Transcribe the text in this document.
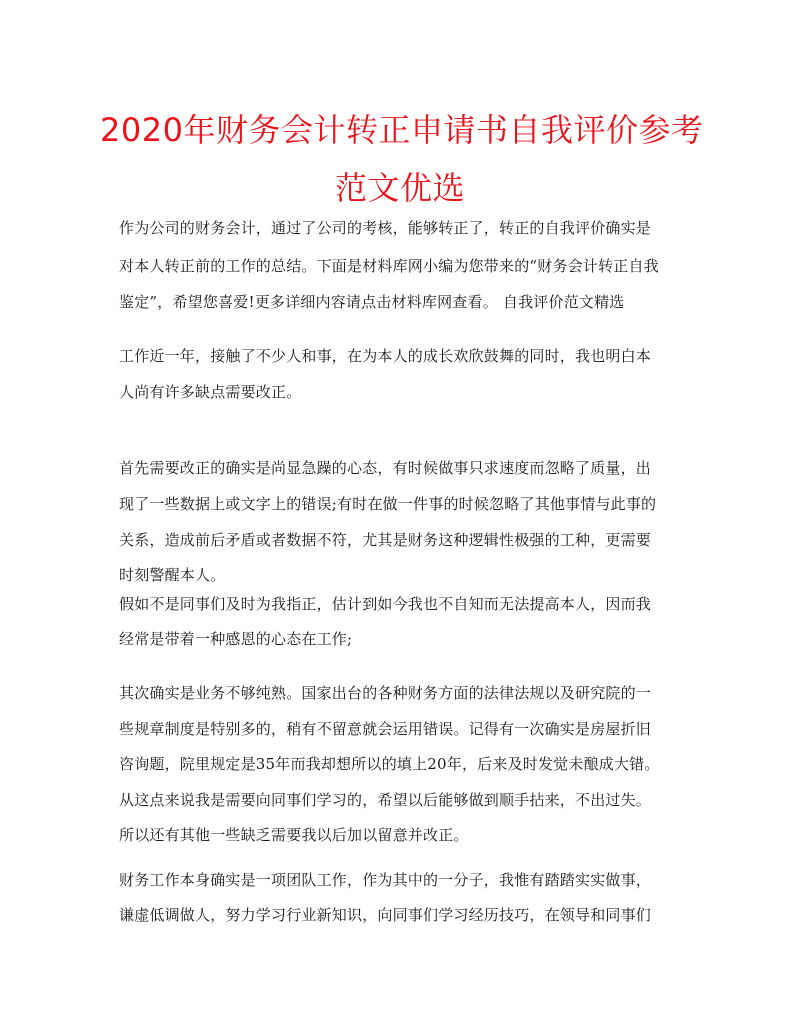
2020年财务会计转正申请书自我评价参考
范文优选
作为公司的财务会计，通过了公司的考核，能够转正了，转正的自我评价确实是
对本人转正前的工作的总结。下面是材料库网小编为您带来的“财务会计转正自我
鉴定”，希望您喜爱!更多详细内容请点击材料库网查看。 自我评价范文精选
工作近一年，接触了不少人和事，在为本人的成长欢欣鼓舞的同时，我也明白本
人尚有许多缺点需要改正。
首先需要改正的确实是尚显急躁的心态，有时候做事只求速度而忽略了质量，出
现了一些数据上或文字上的错误;有时在做一件事的时候忽略了其他事情与此事的
关系，造成前后矛盾或者数据不符，尤其是财务这种逻辑性极强的工种，更需要
时刻警醒本人。
假如不是同事们及时为我指正，估计到如今我也不自知而无法提高本人，因而我
经常是带着一种感恩的心态在工作;
其次确实是业务不够纯熟。国家出台的各种财务方面的法律法规以及研究院的一
些规章制度是特别多的，稍有不留意就会运用错误。记得有一次确实是房屋折旧
咨询题，院里规定是35年而我却想所以的填上20年，后来及时发觉未酿成大错。
从这点来说我是需要向同事们学习的，希望以后能够做到顺手拈来，不出过失。
所以还有其他一些缺乏需要我以后加以留意并改正。
财务工作本身确实是一项团队工作，作为其中的一分子，我惟有踏踏实实做事，
谦虚低调做人，努力学习行业新知识，向同事们学习经历技巧，在领导和同事们
